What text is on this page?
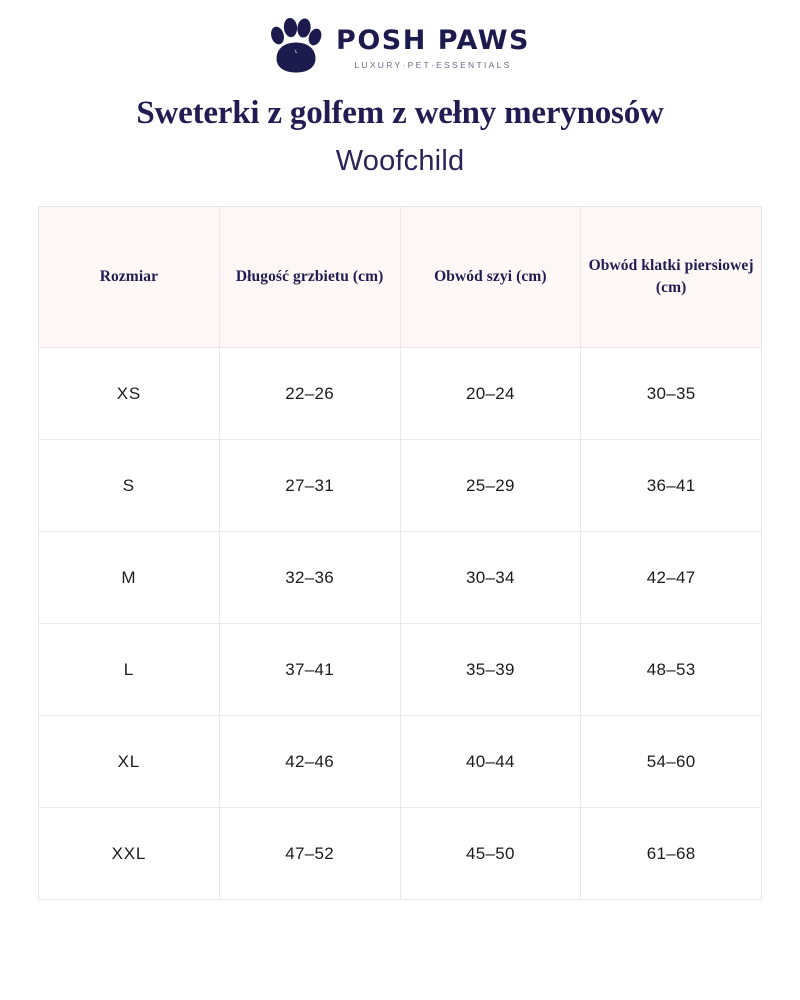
POSH PAWS
LUXURY·PET·ESSENTIALS
Sweterki z golfem z wełny merynosów
Woofchild
Rozmiar	Długość grzbietu (cm)	Obwód szyi (cm)	Obwód klatki piersiowej (cm)
XS	22–26	20–24	30–35
S	27–31	25–29	36–41
M	32–36	30–34	42–47
L	37–41	35–39	48–53
XL	42–46	40–44	54–60
XXL	47–52	45–50	61–68
